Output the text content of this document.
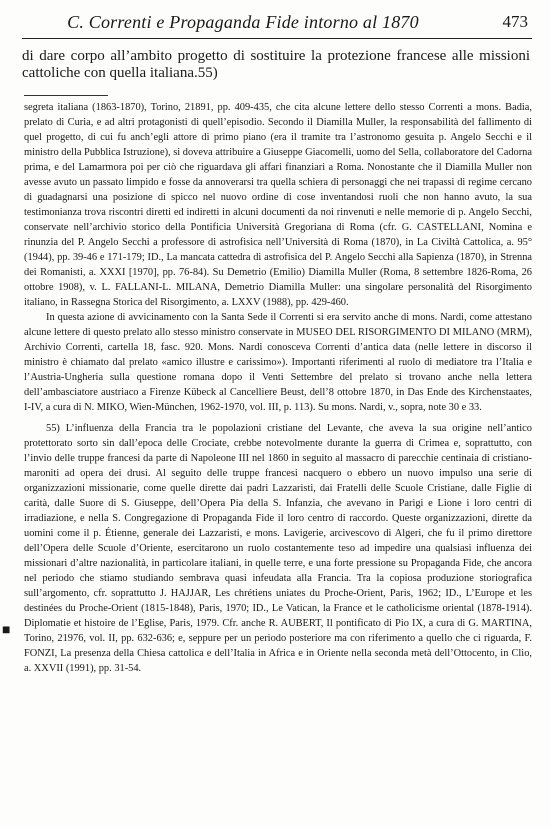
C. Correnti e Propaganda Fide intorno al 1870	473

di dare corpo all’ambito progetto di sostituire la protezione francese alle missioni cattoliche con quella italiana.55)

segreta italiana (1863-1870), Torino, 21891, pp. 409-435, che cita alcune lettere dello stesso Correnti a mons. Badia, prelato di Curia, e ad altri protagonisti di quell’episodio. Secondo il Diamilla Muller, la responsabilità del fallimento di quel progetto, di cui fu anch’egli attore di primo piano (era il tramite tra l’astronomo gesuita p. Angelo Secchi e il ministro della Pubblica Istruzione), si doveva attribuire a Giuseppe Giacomelli, uomo del Sella, collaboratore del Cadorna prima, e del Lamarmora poi per ciò che riguardava gli affari finanziari a Roma. Nonostante che il Diamilla Muller non avesse avuto un passato limpido e fosse da annoverarsi tra quella schiera di personaggi che nei trapassi di regime cercano di guadagnarsi una posizione di spicco nel nuovo ordine di cose inventandosi ruoli che non hanno avuto, la sua testimonianza trova riscontri diretti ed indiretti in alcuni documenti da noi rinvenuti e nelle memorie di p. Angelo Secchi, conservate nell’archivio storico della Pontificia Università Gregoriana di Roma (cfr. G. CASTELLANI, Nomina e rinunzia del P. Angelo Secchi a professore di astrofisica nell’Università di Roma (1870), in La Civiltà Cattolica, a. 95° (1944), pp. 39-46 e 171-179; ID., La mancata cattedra di astrofisica del P. Angelo Secchi alla Sapienza (1870), in Strenna dei Romanisti, a. XXXI [1970], pp. 76-84). Su Demetrio (Emilio) Diamilla Muller (Roma, 8 settembre 1826-Roma, 26 ottobre 1908), v. L. FALLANI-L. MILANA, Demetrio Diamilla Muller: una singolare personalità del Risorgimento italiano, in Rassegna Storica del Risorgimento, a. LXXV (1988), pp. 429-460.

In questa azione di avvicinamento con la Santa Sede il Correnti si era servito anche di mons. Nardi, come attestano alcune lettere di questo prelato allo stesso ministro conservate in MUSEO DEL RISORGIMENTO DI MILANO (MRM), Archivio Correnti, cartella 18, fasc. 920. Mons. Nardi conosceva Correnti d’antica data (nelle lettere in discorso il ministro è chiamato dal prelato «amico illustre e carissimo»). Importanti riferimenti al ruolo di mediatore tra l’Italia e l’Austria-Ungheria sulla questione romana dopo il Venti Settembre del prelato si trovano anche nella lettera dell’ambasciatore austriaco a Firenze Kübeck al Cancelliere Beust, dell’8 ottobre 1870, in Das Ende des Kirchenstaates, I-IV, a cura di N. MIKO, Wien-München, 1962-1970, vol. III, p. 113). Su mons. Nardi, v., sopra, note 30 e 33.

55) L’influenza della Francia tra le popolazioni cristiane del Levante, che aveva la sua origine nell’antico protettorato sorto sin dall’epoca delle Crociate, crebbe notevolmente durante la guerra di Crimea e, soprattutto, con l’invio delle truppe francesi da parte di Napoleone III nel 1860 in seguito al massacro di parecchie centinaia di cristiano-maroniti ad opera dei drusi. Al seguito delle truppe francesi nacquero o ebbero un nuovo impulso una serie di organizzazioni missionarie, come quelle dirette dai padri Lazzaristi, dai Fratelli delle Scuole Cristiane, dalle Figlie di carità, dalle Suore di S. Giuseppe, dell’Opera Pia della S. Infanzia, che avevano in Parigi e Lione i loro centri di irradiazione, e nella S. Congregazione di Propaganda Fide il loro centro di raccordo. Queste organizzazioni, dirette da uomini come il p. Étienne, generale dei Lazzaristi, e mons. Lavigerie, arcivescovo di Algeri, che fu il primo direttore dell’Opera delle Scuole d’Oriente, esercitarono un ruolo costantemente teso ad impedire una qualsiasi influenza dei missionari d’altre nazionalità, in particolare italiani, in quelle terre, e una forte pressione su Propaganda Fide, che ancora nel periodo che stiamo studiando sembrava quasi infeudata alla Francia. Tra la copiosa produzione storiografica sull’argomento, cfr. soprattutto J. HAJJAR, Les chrétiens uniates du Proche-Orient, Paris, 1962; ID., L’Europe et les destinées du Proche-Orient (1815-1848), Paris, 1970; ID., Le Vatican, la France et le catholicisme oriental (1878-1914). Diplomatie et histoire de l’Eglise, Paris, 1979. Cfr. anche R. AUBERT, Il pontificato di Pio IX, a cura di G. MARTINA, Torino, 21976, vol. II, pp. 632-636; e, seppure per un periodo posteriore ma con riferimento a quello che ci riguarda, F. FONZI, La presenza della Chiesa cattolica e dell’Italia in Africa e in Oriente nella seconda metà dell’Ottocento, in Clio, a. XXVII (1991), pp. 31-54.

■
